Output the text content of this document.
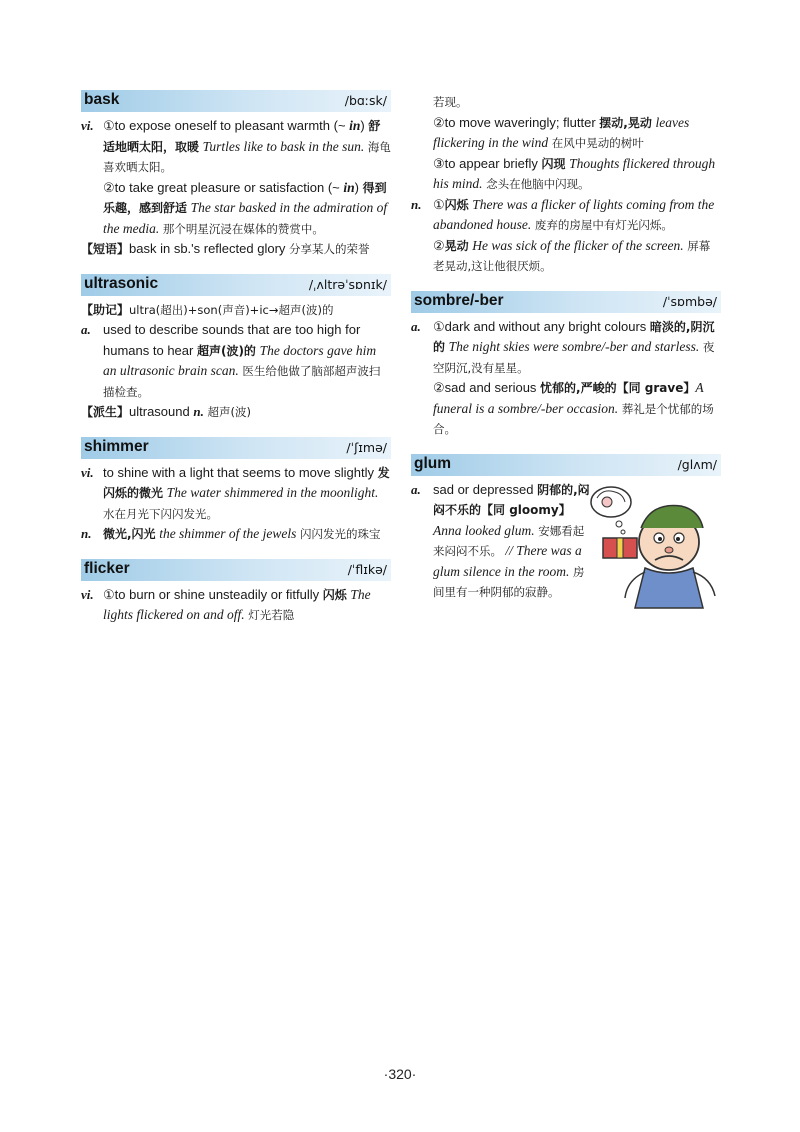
bask	/bɑːsk/
vi. ①to expose oneself to pleasant warmth (~ in) 舒适地晒太阳，取暖 Turtles like to bask in the sun. 海龟喜欢晒太阳。
②to take great pleasure or satisfaction (~ in) 得到乐趣，感到舒适 The star basked in the admiration of the media. 那个明星沉浸在媒体的赞赏中。
【短语】bask in sb.'s reflected glory 分享某人的荣誉
ultrasonic	/ˌʌltrəˈsɒnɪk/
【助记】ultra(超出)+son(声音)+ic→超声(波)的
a. used to describe sounds that are too high for humans to hear 超声(波)的 The doctors gave him an ultrasonic brain scan. 医生给他做了脑部超声波扫描检查。
【派生】ultrasound n. 超声(波)
shimmer	/ˈʃɪmə/
vi. to shine with a light that seems to move slightly 发闪烁的微光 The water shimmered in the moonlight. 水在月光下闪闪发光。
n. 微光,闪光 the shimmer of the jewels 闪闪发光的珠宝
flicker	/ˈflɪkə/
vi. ①to burn or shine unsteadily or fitfully 闪烁 The lights flickered on and off. 灯光若隐
若现。
②to move waveringly; flutter 摆动,晃动 leaves flickering in the wind 在风中晃动的树叶
③to appear briefly 闪现 Thoughts flickered through his mind. 念头在他脑中闪现。
n. ①闪烁 There was a flicker of lights coming from the abandoned house. 废弃的房屋中有灯光闪烁。
②晃动 He was sick of the flicker of the screen. 屏幕老晃动,这让他很厌烦。
sombre/-ber	/ˈsɒmbə/
a. ①dark and without any bright colours 暗淡的,阴沉的 The night skies were sombre/-ber and starless. 夜空阴沉,没有星星。
②sad and serious 忧郁的,严峻的【同 grave】A funeral is a sombre/-ber occasion. 葬礼是个忧郁的场合。
glum	/glʌm/
a. sad or depressed 阴郁的,闷闷不乐的【同 gloomy】Anna looked glum. 安娜看起来闷闷不乐。 // There was a glum silence in the room. 房间里有一种阴郁的寂静。
·320·
